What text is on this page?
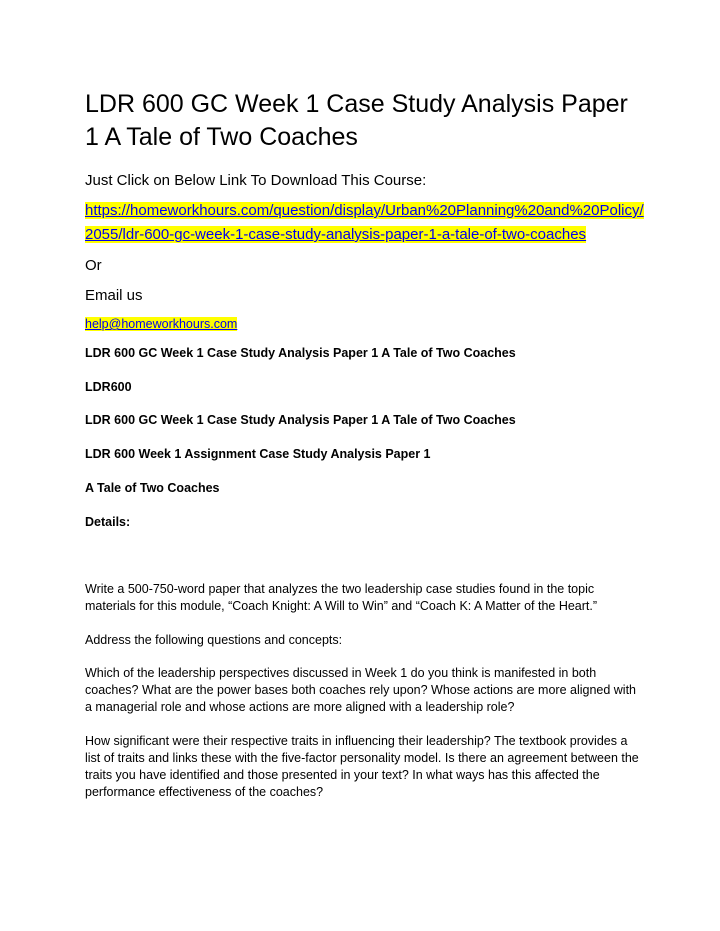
LDR 600 GC Week 1 Case Study Analysis Paper 1 A Tale of Two Coaches
Just Click on Below Link To Download This Course:
https://homeworkhours.com/question/display/Urban%20Planning%20and%20Policy/2055/ldr-600-gc-week-1-case-study-analysis-paper-1-a-tale-of-two-coaches
Or
Email us
help@homeworkhours.com
LDR 600 GC Week 1 Case Study Analysis Paper 1 A Tale of Two Coaches
LDR600
LDR 600 GC Week 1 Case Study Analysis Paper 1 A Tale of Two Coaches
LDR 600 Week 1 Assignment Case Study Analysis Paper 1
A Tale of Two Coaches
Details:

Write a 500-750-word paper that analyzes the two leadership case studies found in the topic materials for this module, “Coach Knight: A Will to Win” and “Coach K: A Matter of the Heart.”

Address the following questions and concepts:

Which of the leadership perspectives discussed in Week 1 do you think is manifested in both coaches? What are the power bases both coaches rely upon? Whose actions are more aligned with a managerial role and whose actions are more aligned with a leadership role?

How significant were their respective traits in influencing their leadership? The textbook provides a list of traits and links these with the five-factor personality model. Is there an agreement between the traits you have identified and those presented in your text? In what ways has this affected the performance effectiveness of the coaches?
